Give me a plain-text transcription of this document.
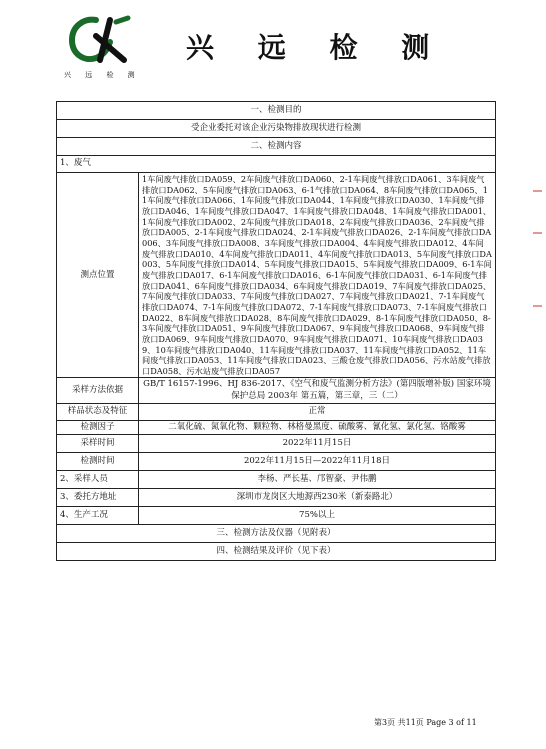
兴 远 检 测
兴 远 检 测
一、检测目的	
受企业委托对该企业污染物排放现状进行检测	
二、检测内容	
1、废气	
测点位置	1车间废气排放口DA059、2车间废气排放口DA060、2-1车间废气排放口DA061、3车间废气排放口DA062、5车间废气排放口DA063、6-1气排放口DA064、8车间废气排放口DA065、11车间废气排放口DA066、1车间废气排放口DA044、1车间废气排放口DA030、1车间废气排放口DA046、1车间废气排放口DA047、1车间废气排放口DA048、1车间废气排放口DA001、1车间废气排放口DA002、2车间废气排放口DA018、2车间废气排放口DA036、2车间废气排放口DA005、2-1车间废气排放口DA024、2-1车间废气排放口DA026、2-1车间废气排放口DA006、3车间废气排放口DA008、3车间废气排放口DA004、4车间废气排放口DA012、4车间废气排放口DA010、4车间废气排放口DA011、4车间废气排放口DA013、5车间废气排放口DA003、5车间废气排放口DA014、5车间废气排放口DA015、5车间废气排放口DA009、6-1车间废气排放口DA017、6-1车间废气排放口DA016、6-1车间废气排放口DA031、6-1车间废气排放口DA041、6车间废气排放口DA034、6车间废气排放口DA019、7车间废气排放口DA025、7车间废气排放口DA033、7车间废气排放口DA027、7车间废气排放口DA021、7-1车间废气排放口DA074、7-1车间废气排放口DA072、7-1车间废气排放口DA073、7-1车间废气排放口DA022、8车间废气排放口DA028、8车间废气排放口DA029、8-1车间废气排放口DA050、8-3车间废气排放口DA051、9车间废气排放口DA067、9车间废气排放口DA068、9车间废气排放口DA069、9车间废气排放口DA070、9车间废气排放口DA071、10车间废气排放口DA039、10车间废气排放口DA040、11车间废气排放口DA037、11车间废气排放口DA052、11车间废气排放口DA053、11车间废气排放口DA023、三酸仓废气排放口DA056、污水站废气排放口DA058、污水站废气排放口DA057
采样方法依据	GB/T 16157-1996、HJ 836-2017、《空气和废气监测分析方法》(第四版增补版) 国家环境保护总局 2003年 第五篇，第三章，三（二）
样品状态及特征	正常
检测因子	二氧化硫、氮氧化物、颗粒物、林格曼黑度、硫酸雾、氰化氢、氯化氢、铬酸雾
采样时间	2022年11月15日
检测时间	2022年11月15日—2022年11月18日
2、采样人员	李杨、严长基、邝智豪、尹伟鹏
3、委托方地址	深圳市龙岗区大地源西230米（新泰路北）
4、生产工况	75%以上
三、检测方法及仪器（见附表）	
四、检测结果及评价（见下表）	
第3页 共11页 Page 3 of 11
